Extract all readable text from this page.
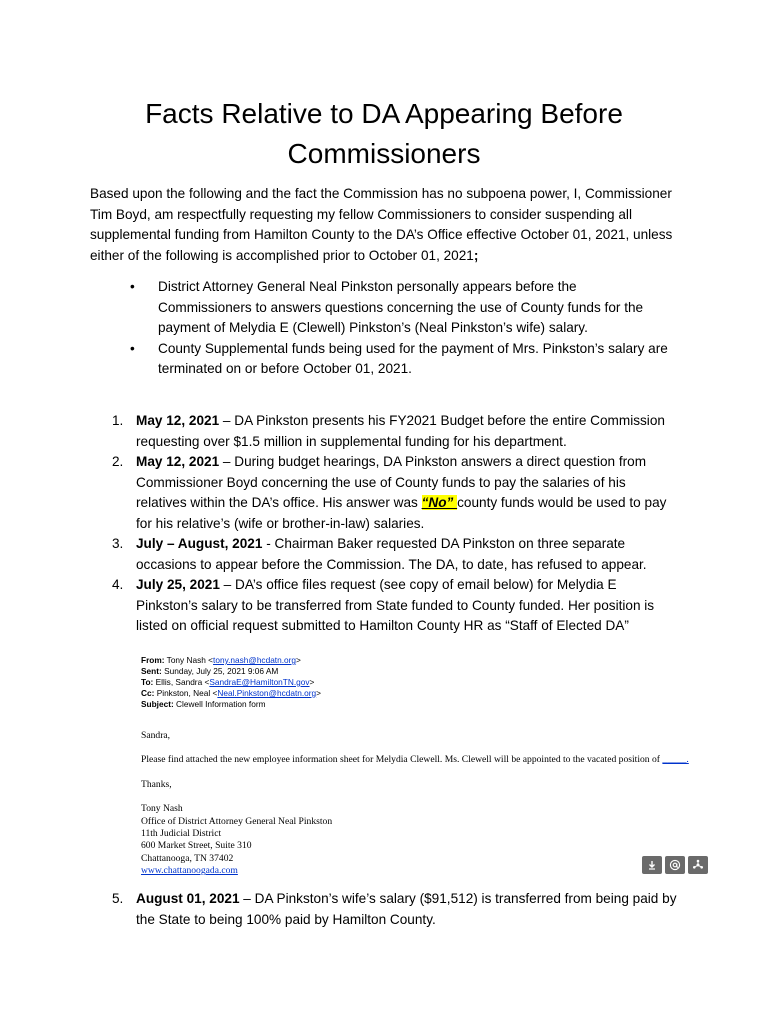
Facts Relative to DA Appearing Before Commissioners

Based upon the following and the fact the Commission has no subpoena power, I, Commissioner Tim Boyd, am respectfully requesting my fellow Commissioners to consider suspending all supplemental funding from Hamilton County to the DA’s Office effective October 01, 2021, unless either of the following is accomplished prior to October 01, 2021;

• District Attorney General Neal Pinkston personally appears before the Commissioners to answers questions concerning the use of County funds for the payment of Melydia E (Clewell) Pinkston’s (Neal Pinkston’s wife) salary.
• County Supplemental funds being used for the payment of Mrs. Pinkston’s salary are terminated on or before October 01, 2021.
1. May 12, 2021 – DA Pinkston presents his FY2021 Budget before the entire Commission requesting over $1.5 million in supplemental funding for his department.
2. May 12, 2021 – During budget hearings, DA Pinkston answers a direct question from Commissioner Boyd concerning the use of County funds to pay the salaries of his relatives within the DA’s office. His answer was “No” county funds would be used to pay for his relative’s (wife or brother-in-law) salaries.
3. July – August, 2021 - Chairman Baker requested DA Pinkston on three separate occasions to appear before the Commission. The DA, to date, has refused to appear.
4. July 25, 2021 – DA’s office files request (see copy of email below) for Melydia E Pinkston’s salary to be transferred from State funded to County funded. Her position is listed on official request submitted to Hamilton County HR as “Staff of Elected DA”
From: Tony Nash <tony.nash@hcdatn.org>
Sent: Sunday, July 25, 2021 9:06 AM
To: Ellis, Sandra <SandraE@HamiltonTN.gov>
Cc: Pinkston, Neal <Neal.Pinkston@hcdatn.org>
Subject: Clewell Information form

Sandra,

Please find attached the new employee information sheet for Melydia Clewell. Ms. Clewell will be appointed to the vacated position of _____.

Thanks,

Tony Nash

Office of District Attorney General Neal Pinkston

11th Judicial District

600 Market Street, Suite 310

Chattanooga, TN 37402

www.chattanoogada.com

5. August 01, 2021 – DA Pinkston’s wife’s salary ($91,512) is transferred from being paid by the State to being 100% paid by Hamilton County.
